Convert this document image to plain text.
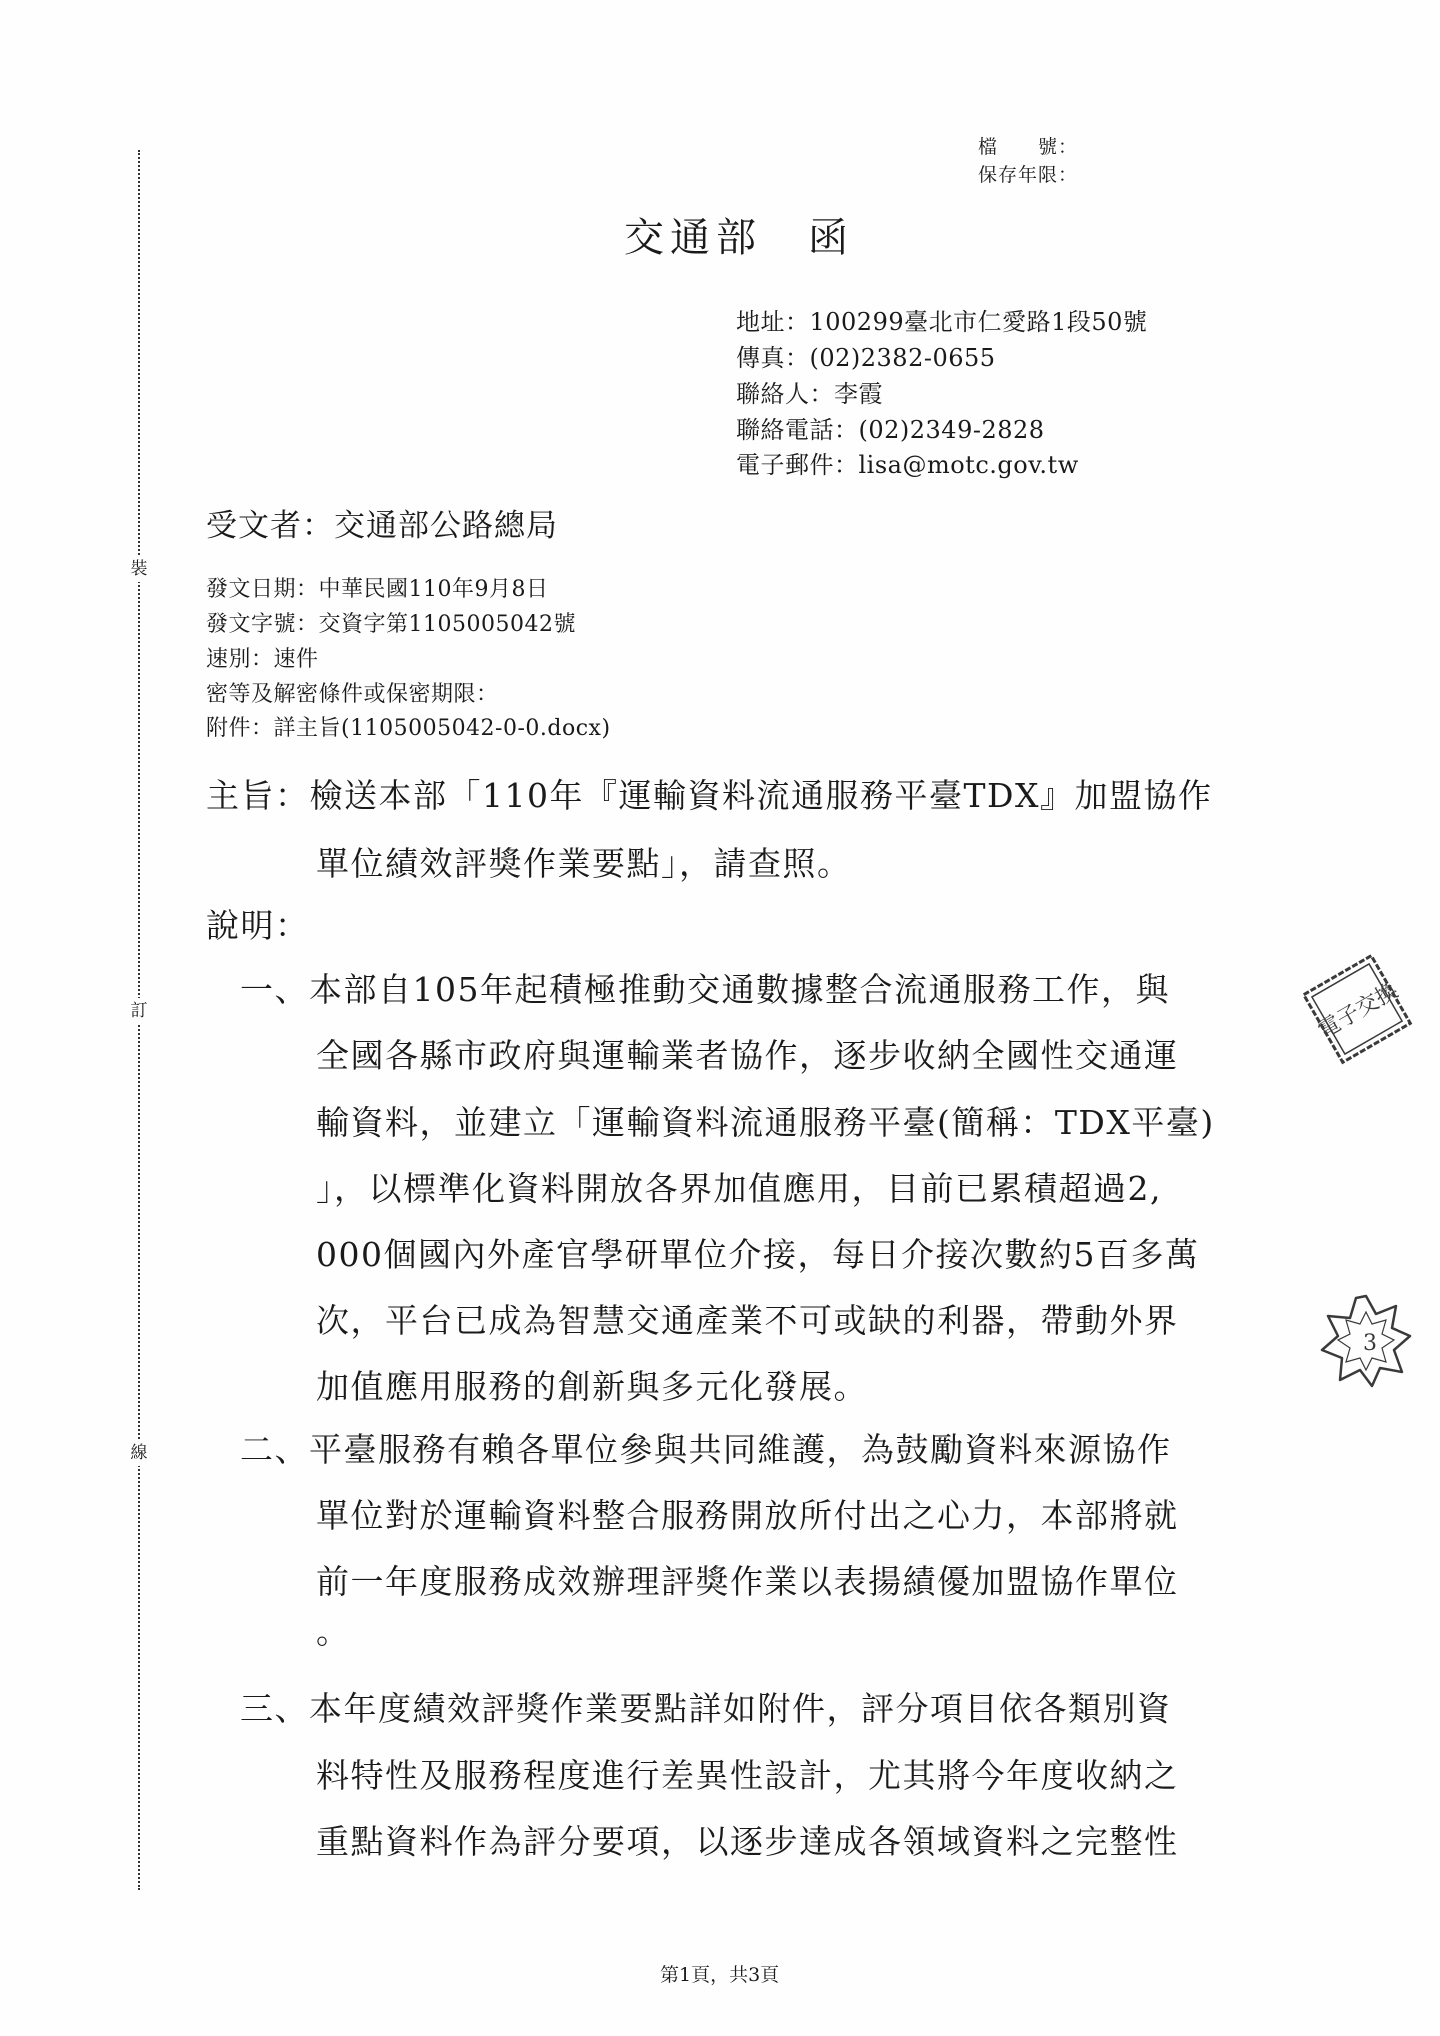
裝
訂
線
檔　　號：
保存年限：
交通部　函
地址：100299臺北市仁愛路1段50號
傳真：(02)2382-0655
聯絡人：李霞
聯絡電話：(02)2349-2828
電子郵件：lisa@motc.gov.tw
受文者：交通部公路總局
發文日期：中華民國110年9月8日
發文字號：交資字第1105005042號
速別：速件
密等及解密條件或保密期限：
附件：詳主旨(1105005042-0-0.docx)
主旨：檢送本部「110年『運輸資料流通服務平臺TDX』加盟協作
單位績效評獎作業要點」，請查照。
說明：
一、本部自105年起積極推動交通數據整合流通服務工作，與
全國各縣市政府與運輸業者協作，逐步收納全國性交通運
輸資料，並建立「運輸資料流通服務平臺(簡稱：TDX平臺)
」，以標準化資料開放各界加值應用，目前已累積超過2,
000個國內外產官學研單位介接，每日介接次數約5百多萬
次，平台已成為智慧交通產業不可或缺的利器，帶動外界
加值應用服務的創新與多元化發展。
二、平臺服務有賴各單位參與共同維護，為鼓勵資料來源協作
單位對於運輸資料整合服務開放所付出之心力，本部將就
前一年度服務成效辦理評獎作業以表揚績優加盟協作單位
。
三、本年度績效評獎作業要點詳如附件，評分項目依各類別資
料特性及服務程度進行差異性設計，尤其將今年度收納之
重點資料作為評分要項，以逐步達成各領域資料之完整性
電子交換
3
第1頁，共3頁
